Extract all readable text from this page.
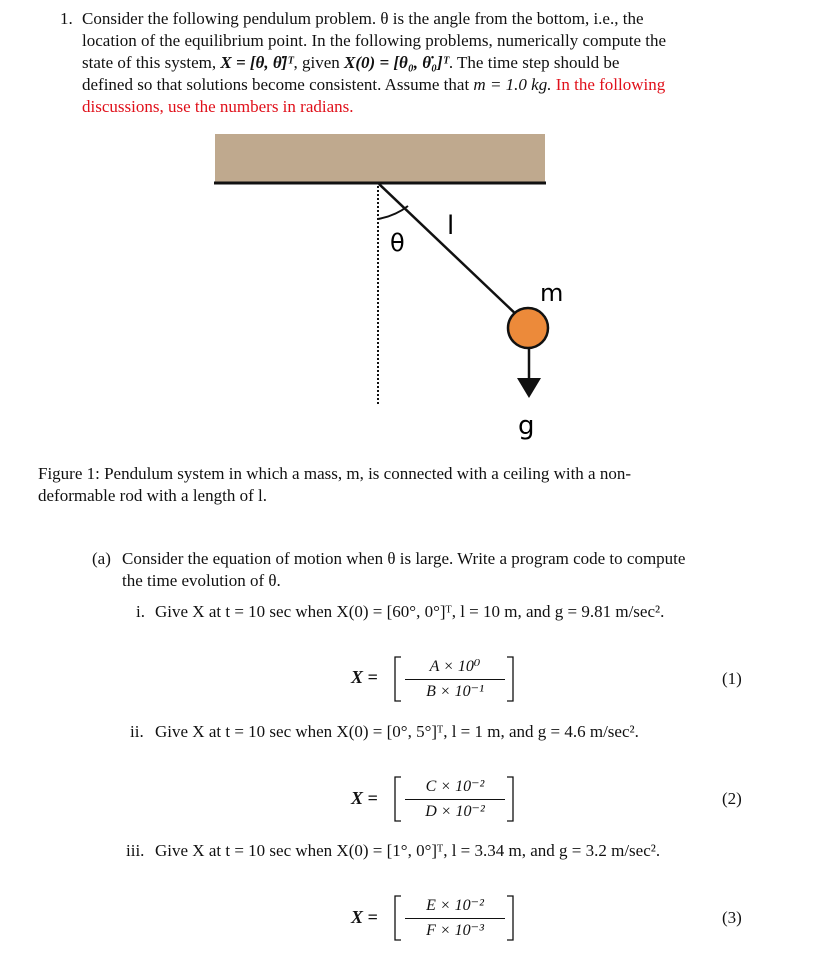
1. Consider the following pendulum problem. θ is the angle from the bottom, i.e., the
location of the equilibrium point. In the following problems, numerically compute the
state of this system, X = [θ, θ̇]ᵀ, given X(0) = [θ₀, θ̇₀]ᵀ. The time step should be
defined so that solutions become consistent. Assume that m = 1.0 kg. In the following
discussions, use the numbers in radians.
θ
l
m
g
Figure 1: Pendulum system in which a mass, m, is connected with a ceiling with a non-
deformable rod with a length of l.
(a) Consider the equation of motion when θ is large. Write a program code to compute
the time evolution of θ.
i. Give X at t = 10 sec when X(0) = [60°, 0°]ᵀ, l = 10 m, and g = 9.81 m/sec².
X =
A × 10⁰
B × 10⁻¹
(1)
ii. Give X at t = 10 sec when X(0) = [0°, 5°]ᵀ, l = 1 m, and g = 4.6 m/sec².
X =
C × 10⁻²
D × 10⁻²
(2)
iii. Give X at t = 10 sec when X(0) = [1°, 0°]ᵀ, l = 3.34 m, and g = 3.2 m/sec².
X =
E × 10⁻²
F × 10⁻³
(3)
